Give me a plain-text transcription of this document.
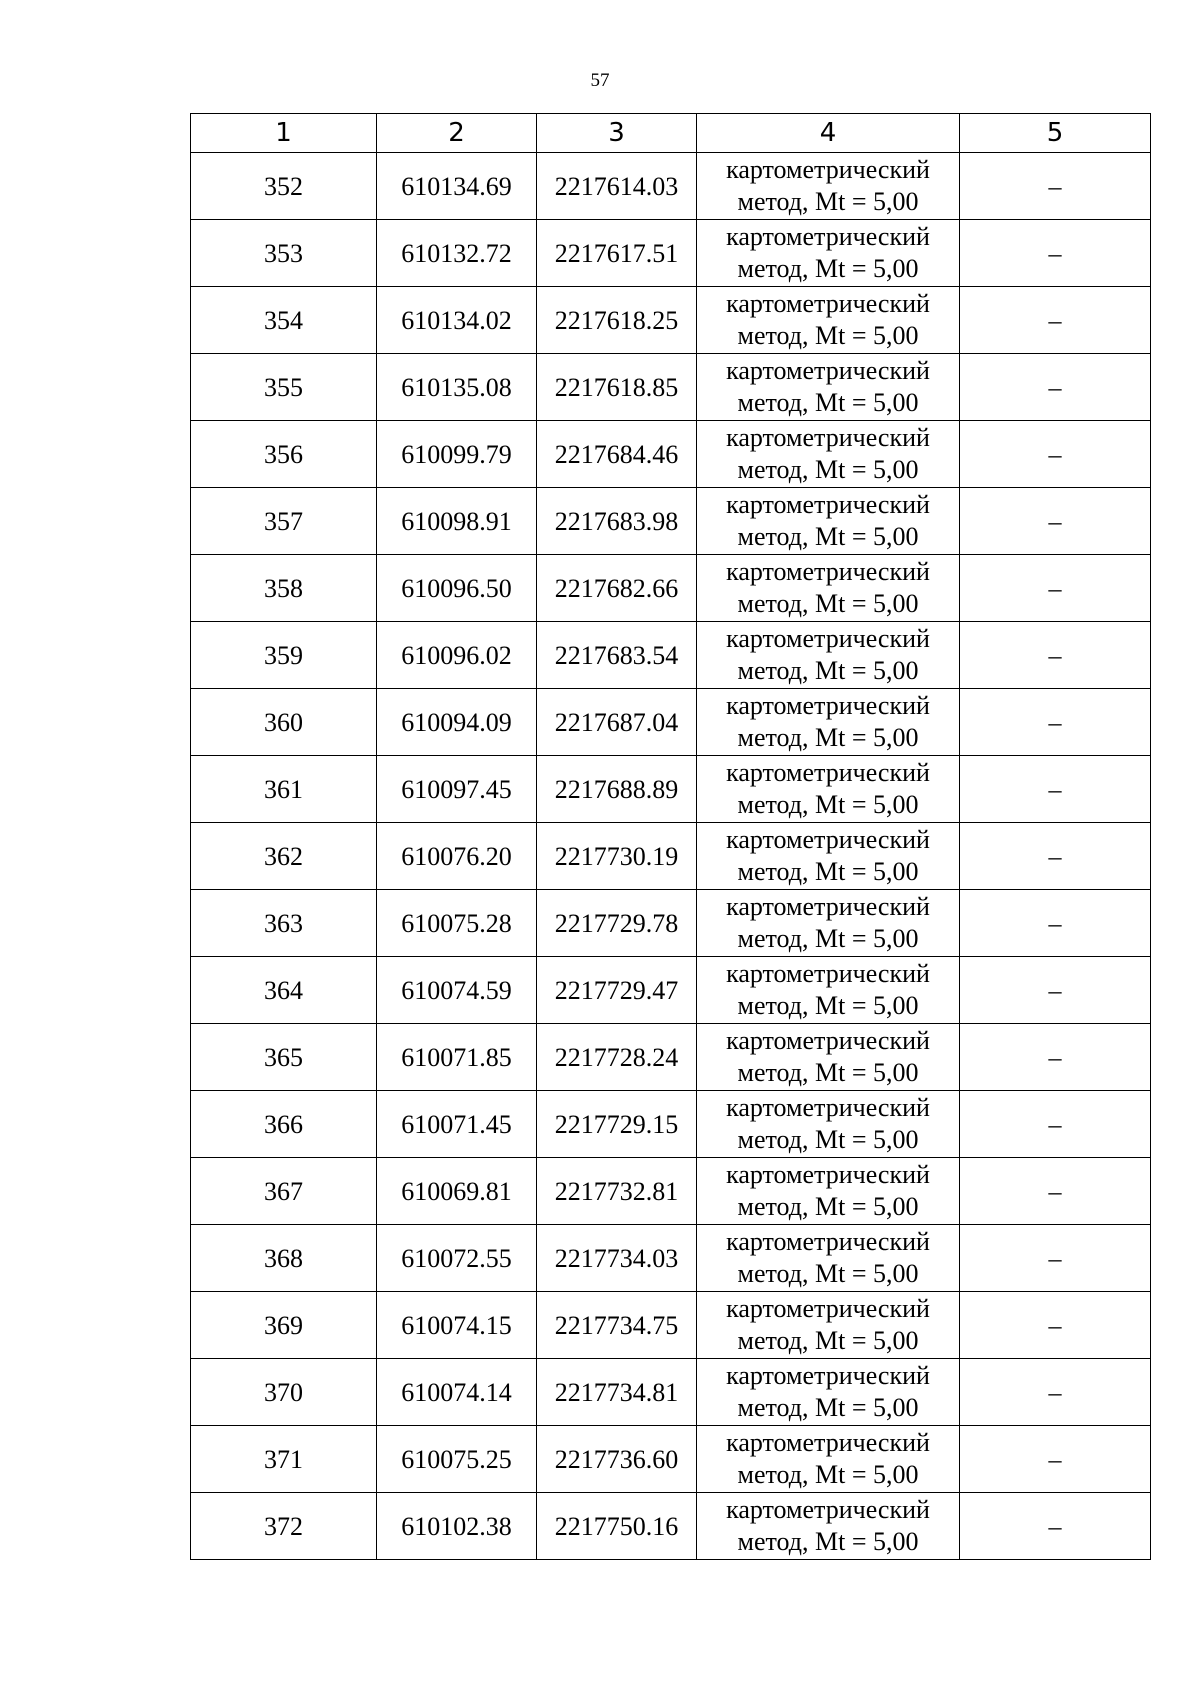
57
1	2	3	4	5
352	610134.69	2217614.03	картометрический
метод, Mt = 5,00	–
353	610132.72	2217617.51	картометрический
метод, Mt = 5,00	–
354	610134.02	2217618.25	картометрический
метод, Mt = 5,00	–
355	610135.08	2217618.85	картометрический
метод, Mt = 5,00	–
356	610099.79	2217684.46	картометрический
метод, Mt = 5,00	–
357	610098.91	2217683.98	картометрический
метод, Mt = 5,00	–
358	610096.50	2217682.66	картометрический
метод, Mt = 5,00	–
359	610096.02	2217683.54	картометрический
метод, Mt = 5,00	–
360	610094.09	2217687.04	картометрический
метод, Mt = 5,00	–
361	610097.45	2217688.89	картометрический
метод, Mt = 5,00	–
362	610076.20	2217730.19	картометрический
метод, Mt = 5,00	–
363	610075.28	2217729.78	картометрический
метод, Mt = 5,00	–
364	610074.59	2217729.47	картометрический
метод, Mt = 5,00	–
365	610071.85	2217728.24	картометрический
метод, Mt = 5,00	–
366	610071.45	2217729.15	картометрический
метод, Mt = 5,00	–
367	610069.81	2217732.81	картометрический
метод, Mt = 5,00	–
368	610072.55	2217734.03	картометрический
метод, Mt = 5,00	–
369	610074.15	2217734.75	картометрический
метод, Mt = 5,00	–
370	610074.14	2217734.81	картометрический
метод, Mt = 5,00	–
371	610075.25	2217736.60	картометрический
метод, Mt = 5,00	–
372	610102.38	2217750.16	картометрический
метод, Mt = 5,00	–
